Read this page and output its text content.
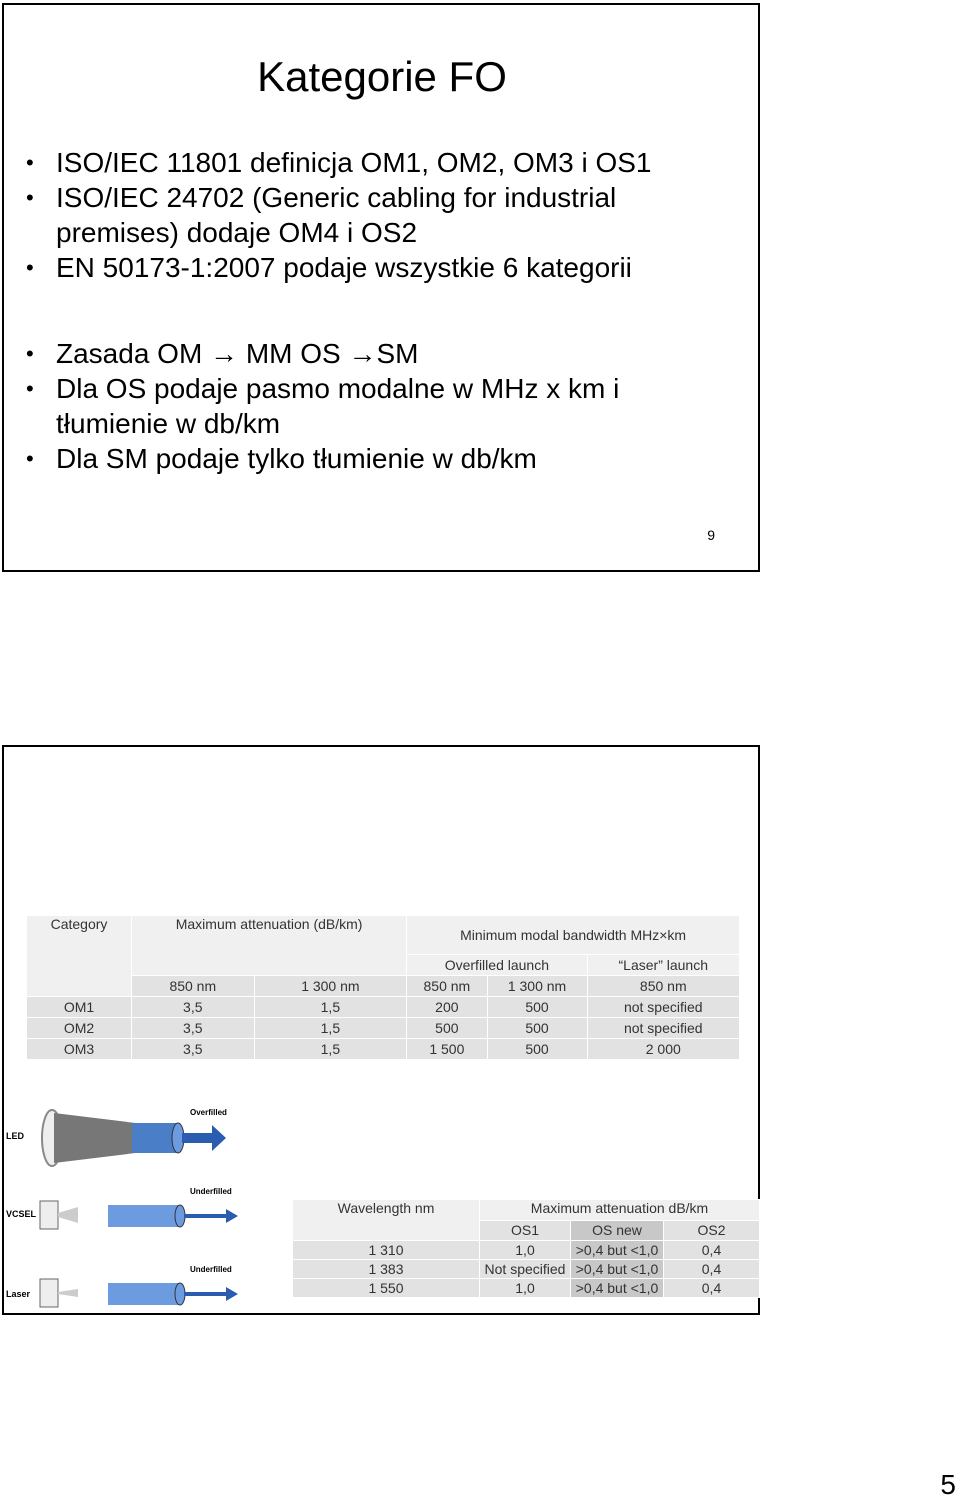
Kategorie FO
• ISO/IEC 11801 definicja OM1, OM2, OM3 i OS1
• ISO/IEC 24702 (Generic cabling for industrial premises) dodaje OM4 i OS2
• EN 50173-1:2007 podaje wszystkie 6 kategorii
• Zasada OM → MM OS →SM
• Dla OS podaje pasmo modalne w MHz x km i tłumienie w db/km
• Dla SM podaje tylko tłumienie w db/km
9
Category	Maximum attenuation (dB/km)		Minimum modal bandwidth MHz×km		
			Overfilled launch		“Laser” launch
	850 nm	1 300 nm	850 nm	1 300 nm	850 nm
OM1	3,5	1,5	200	500	not specified
OM2	3,5	1,5	500	500	not specified
OM3	3,5	1,5	1 500	500	2 000
Overfilled
LED
Underfilled
VCSEL
Underfilled
Laser
Wavelength nm	Maximum attenuation dB/km		
	OS1	OS new	OS2
1 310	1,0	>0,4 but <1,0	0,4
1 383	Not specified	>0,4 but <1,0	0,4
1 550	1,0	>0,4 but <1,0	0,4
5
